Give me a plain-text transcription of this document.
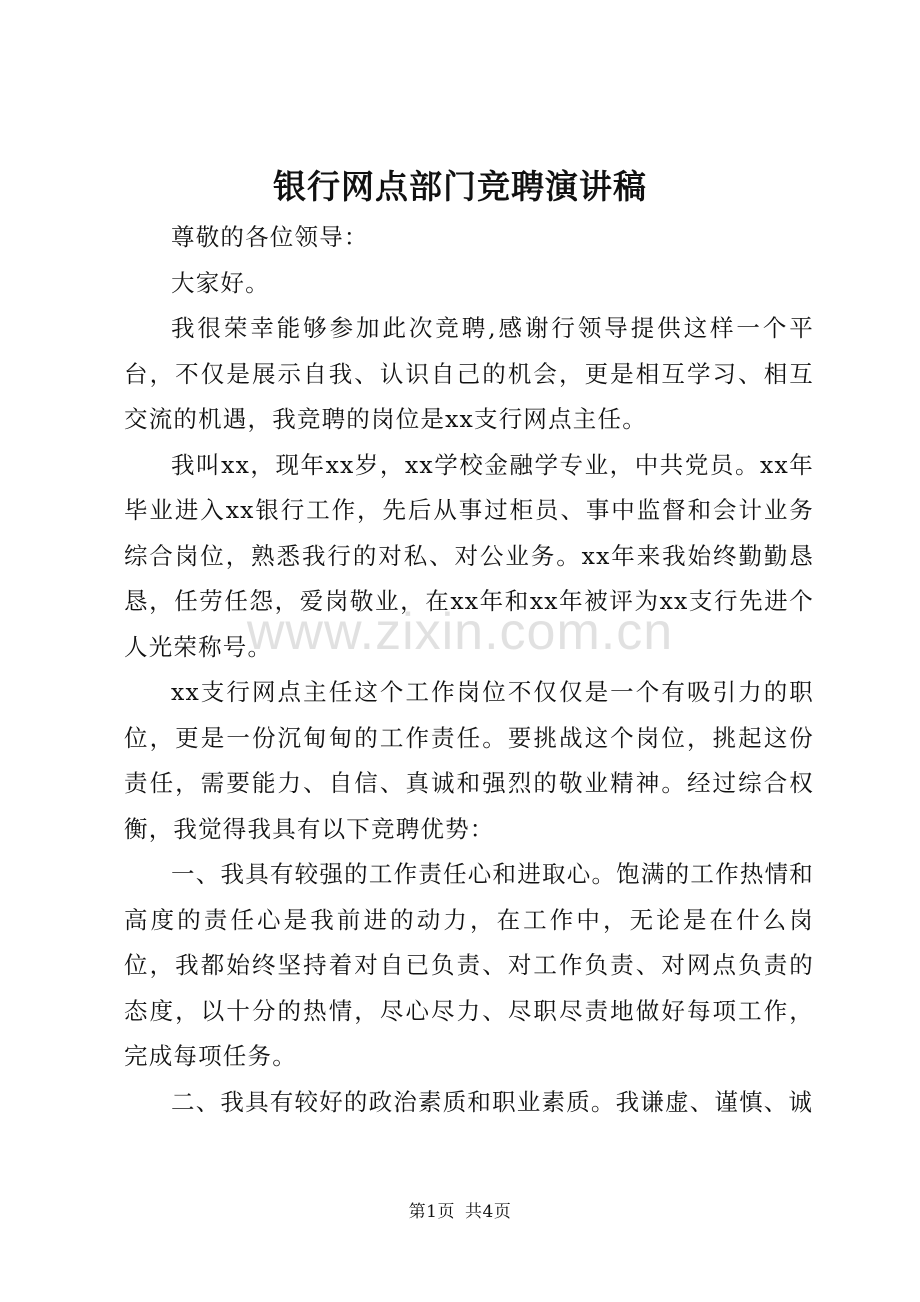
银行网点部门竞聘演讲稿

尊敬的各位领导：

大家好。

我很荣幸能够参加此次竞聘,感谢行领导提供这样一个平台，不仅是展示自我、认识自己的机会，更是相互学习、相互交流的机遇，我竞聘的岗位是xx支行网点主任。

我叫xx，现年xx岁，xx学校金融学专业，中共党员。xx年毕业进入xx银行工作，先后从事过柜员、事中监督和会计业务综合岗位，熟悉我行的对私、对公业务。xx年来我始终勤勤恳恳，任劳任怨，爱岗敬业，在xx年和xx年被评为xx支行先进个人光荣称号。

xx支行网点主任这个工作岗位不仅仅是一个有吸引力的职位，更是一份沉甸甸的工作责任。要挑战这个岗位，挑起这份责任，需要能力、自信、真诚和强烈的敬业精神。经过综合权衡，我觉得我具有以下竞聘优势：

一、我具有较强的工作责任心和进取心。饱满的工作热情和高度的责任心是我前进的动力，在工作中，无论是在什么岗位，我都始终坚持着对自已负责、对工作负责、对网点负责的态度，以十分的热情，尽心尽力、尽职尽责地做好每项工作，完成每项任务。

二、我具有较好的政治素质和职业素质。我谦虚、谨慎、诚

www.zixin.com.cn
第1页 共4页
